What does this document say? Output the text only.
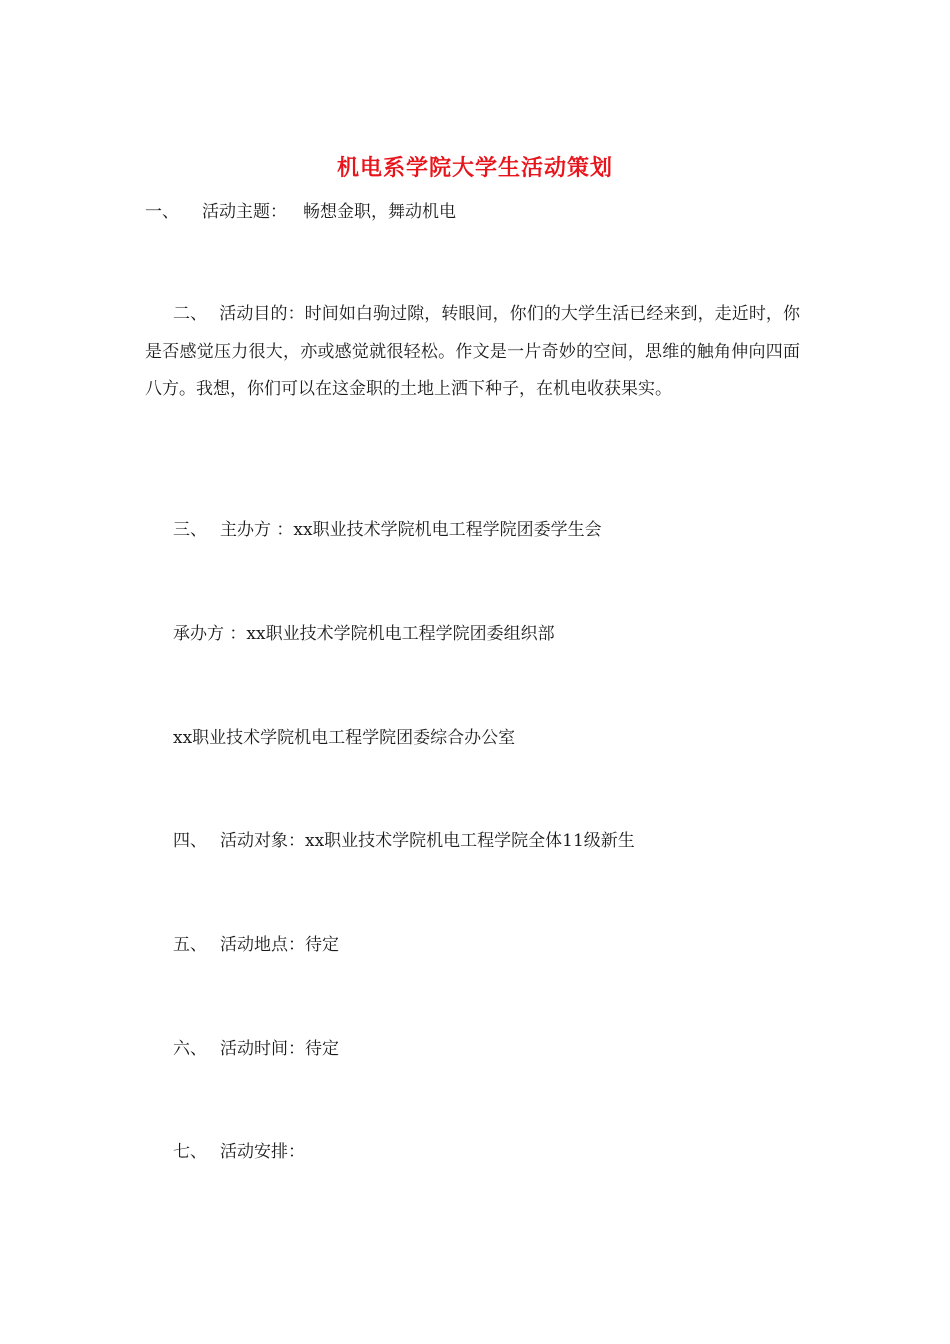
机电系学院大学生活动策划
一、 活动主题： 畅想金职，舞动机电
二、 活动目的：时间如白驹过隙，转眼间，你们的大学生活已经来到，走近时，你是否感觉压力很大，亦或感觉就很轻松。作文是一片奇妙的空间，思维的触角伸向四面八方。我想，你们可以在这金职的土地上洒下种子，在机电收获果实。
三、 主办方 ：xx职业技术学院机电工程学院团委学生会
承办方 ：xx职业技术学院机电工程学院团委组织部
xx职业技术学院机电工程学院团委综合办公室
四、 活动对象：xx职业技术学院机电工程学院全体11级新生
五、 活动地点：待定
六、 活动时间：待定
七、 活动安排：
